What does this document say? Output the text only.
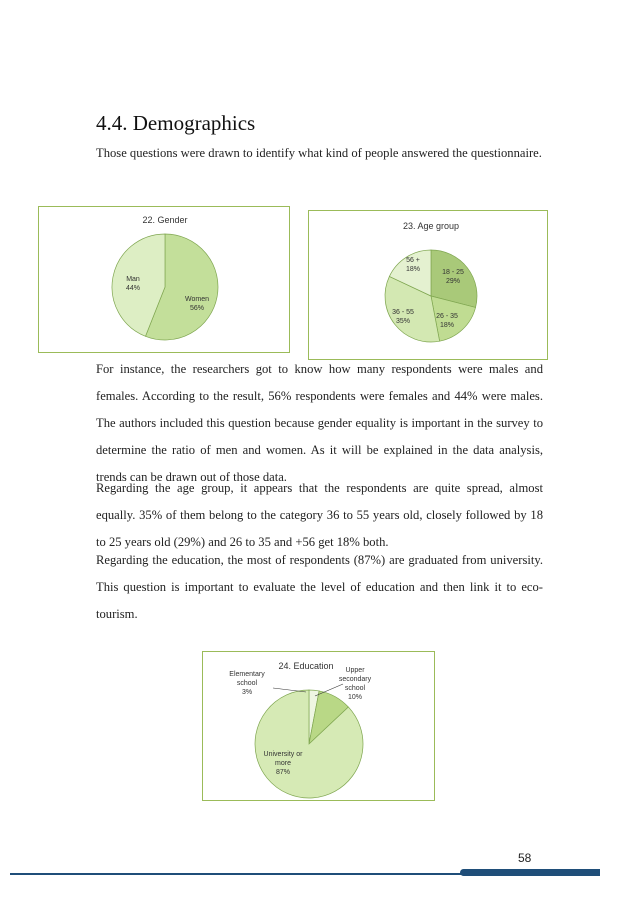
4.4. Demographics

Those questions were drawn to identify what kind of people answered the questionnaire.

22. Gender
Man
44%
Women
56%
23. Age group
18 - 25
29%
26 - 35
18%
36 - 55
35%
56 +
18%

For instance, the researchers got to know how many respondents were males and females. According to the result, 56% respondents were females and 44% were males. The authors included this question because gender equality is important in the survey to determine the ratio of men and women. As it will be explained in the data analysis, trends can be drawn out of those data.

Regarding the age group, it appears that the respondents are quite spread, almost equally. 35% of them belong to the category 36 to 55 years old, closely followed by 18 to 25 years old (29%) and 26 to 35 and +56 get 18% both.

Regarding the education, the most of respondents (87%) are graduated from university. This question is important to evaluate the level of education and then link it to eco-tourism.

24. Education
Elementary
school
3%
Upper
secondary
school
10%
University or
more
87%

58
